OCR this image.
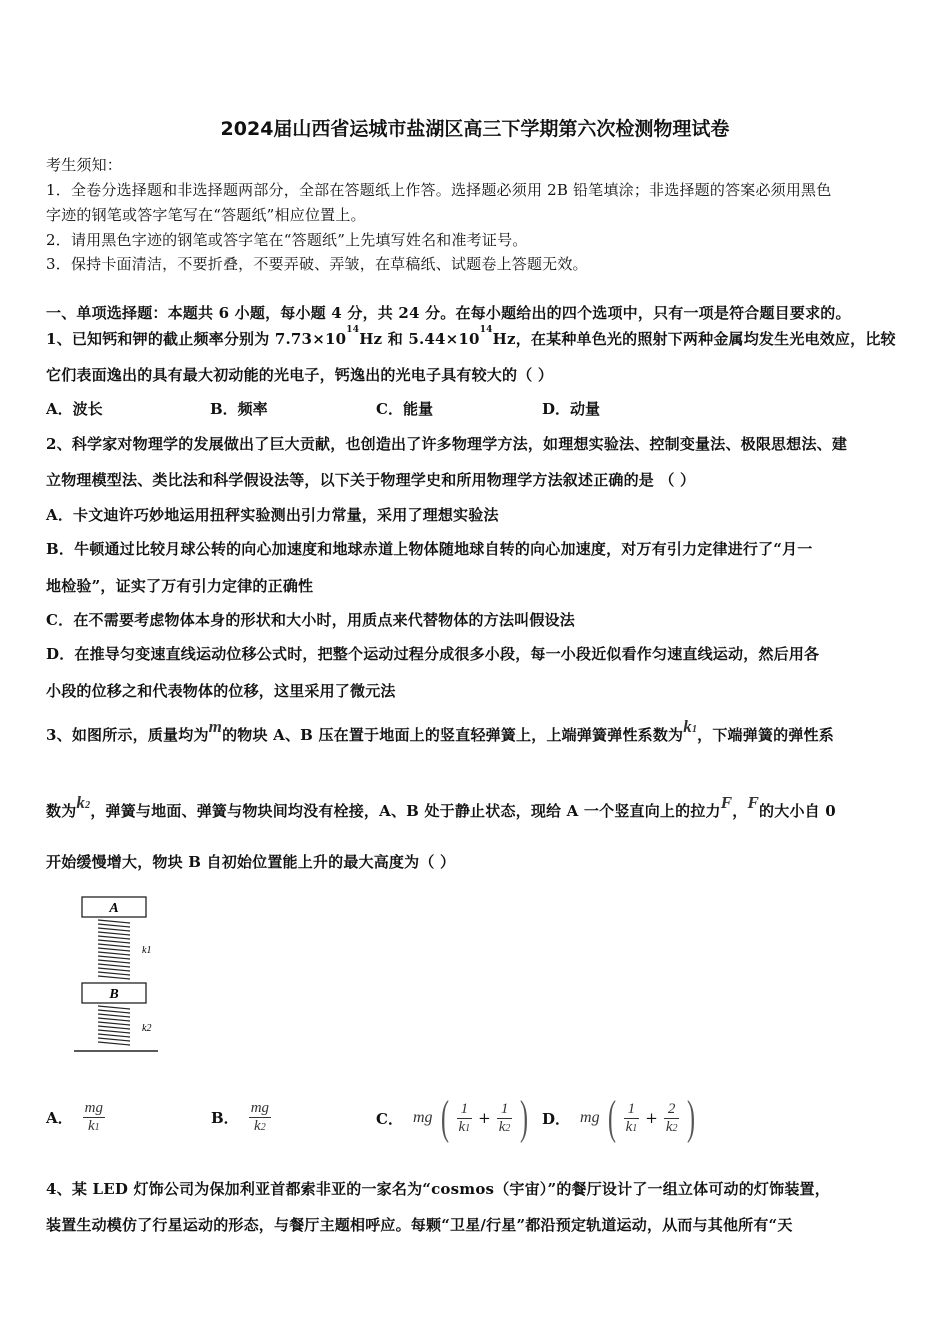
2024届山西省运城市盐湖区高三下学期第六次检测物理试卷
考生须知：
1．全卷分选择题和非选择题两部分，全部在答题纸上作答。选择题必须用 2B 铅笔填涂；非选择题的答案必须用黑色
字迹的钢笔或答字笔写在“答题纸”相应位置上。
2．请用黑色字迹的钢笔或答字笔在“答题纸”上先填写姓名和准考证号。
3．保持卡面清洁，不要折叠，不要弄破、弄皱，在草稿纸、试题卷上答题无效。
一、单项选择题：本题共 6 小题，每小题 4 分，共 24 分。在每小题给出的四个选项中，只有一项是符合题目要求的。
1、已知钙和钾的截止频率分别为 $7.73\times 10^{14}Hz$ 和 $5.44\times 10^{14}Hz$，在某种单色光的照射下两种金属均发生光电效应，比较
它们表面逸出的具有最大初动能的光电子，钙逸出的光电子具有较大的（ ）
A．波长	B．频率	C．能量	D．动量
2、科学家对物理学的发展做出了巨大贡献，也创造出了许多物理学方法，如理想实验法、控制变量法、极限思想法、建
立物理模型法、类比法和科学假设法等，以下关于物理学史和所用物理学方法叙述正确的是 （ ）
A．卡文迪许巧妙地运用扭秤实验测出引力常量，采用了理想实验法
B．牛顿通过比较月球公转的向心加速度和地球赤道上物体随地球自转的向心加速度，对万有引力定律进行了“月一
地检验”，证实了万有引力定律的正确性
C．在不需要考虑物体本身的形状和大小时，用质点来代替物体的方法叫假设法
D．在推导匀变速直线运动位移公式时，把整个运动过程分成很多小段，每一小段近似看作匀速直线运动，然后用各
小段的位移之和代表物体的位移，这里采用了微元法
3、如图所示，质量均为m的物块 A、B 压在置于地面上的竖直轻弹簧上，上端弹簧弹性系数为k1，下端弹簧的弹性系
数为k2，弹簧与地面、弹簧与物块间均没有栓接，A、B 处于静止状态，现给 A 一个竖直向上的拉力F，F的大小自 0
开始缓慢增大，物块 B 自初始位置能上升的最大高度为（ ）
A
k1
B
k2
A． $\frac{mg}{k1}$	B． $\frac{mg}{k2}$	C． mg ( $\frac{1}{k1} + \frac{1}{k2}$ ) D． mg ( $\frac{1}{k1} + \frac{2}{k2}$ )
4、某 LED 灯饰公司为保加利亚首都索非亚的一家名为“cosmos（宇宙）”的餐厅设计了一组立体可动的灯饰装置，
装置生动模仿了行星运动的形态，与餐厅主题相呼应。每颗“卫星/行星”都沿预定轨道运动，从而与其他所有“天
